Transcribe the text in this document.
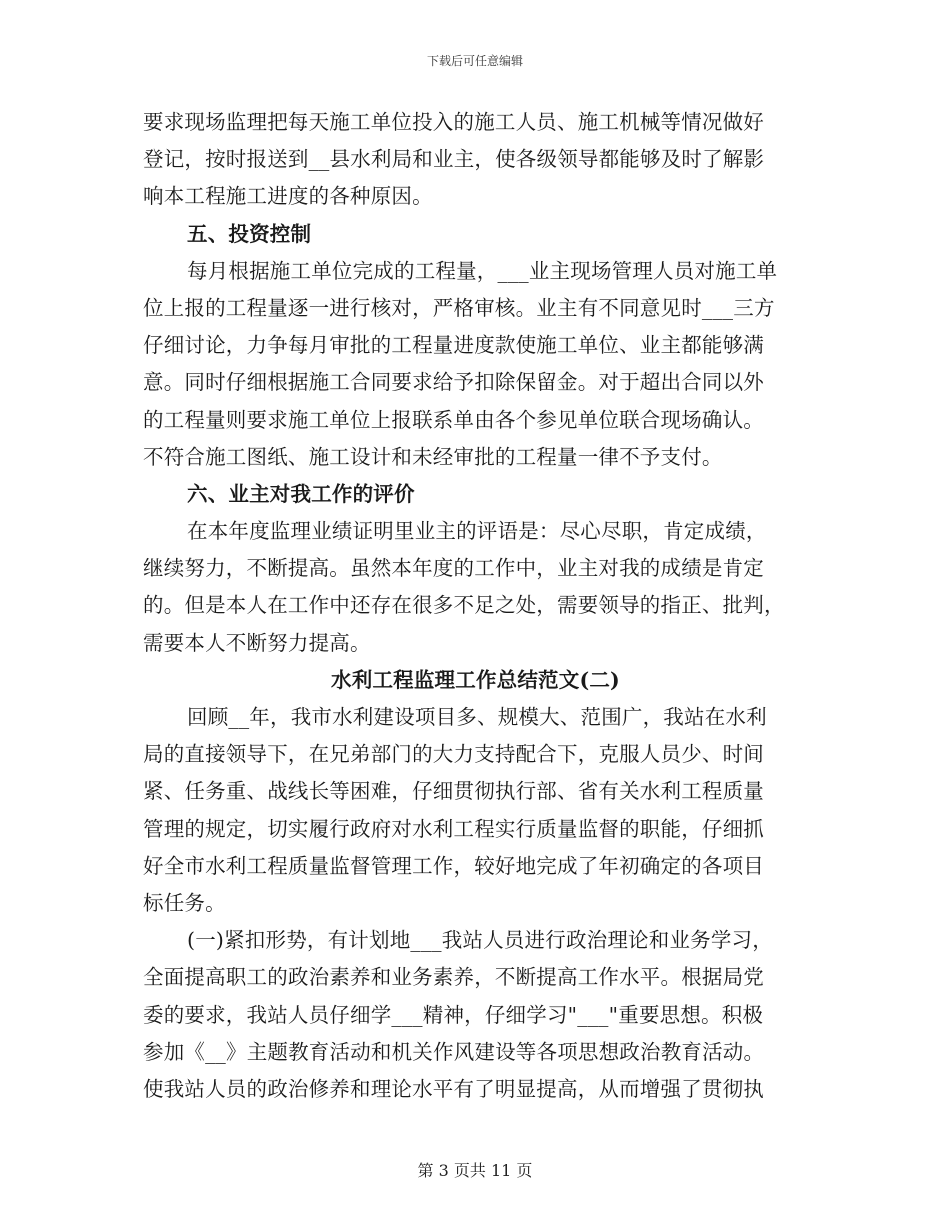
下载后可任意编辑
要求现场监理把每天施工单位投入的施工人员、施工机械等情况做好
登记，按时报送到__县水利局和业主，使各级领导都能够及时了解影
响本工程施工进度的各种原因。
五、投资控制
每月根据施工单位完成的工程量，___业主现场管理人员对施工单
位上报的工程量逐一进行核对，严格审核。业主有不同意见时___三方
仔细讨论，力争每月审批的工程量进度款使施工单位、业主都能够满
意。同时仔细根据施工合同要求给予扣除保留金。对于超出合同以外
的工程量则要求施工单位上报联系单由各个参见单位联合现场确认。
不符合施工图纸、施工设计和未经审批的工程量一律不予支付。
六、业主对我工作的评价
在本年度监理业绩证明里业主的评语是：尽心尽职，肯定成绩，
继续努力，不断提高。虽然本年度的工作中，业主对我的成绩是肯定
的。但是本人在工作中还存在很多不足之处，需要领导的指正、批判，
需要本人不断努力提高。
水利工程监理工作总结范文(二)
回顾__年，我市水利建设项目多、规模大、范围广，我站在水利
局的直接领导下，在兄弟部门的大力支持配合下，克服人员少、时间
紧、任务重、战线长等困难，仔细贯彻执行部、省有关水利工程质量
管理的规定，切实履行政府对水利工程实行质量监督的职能，仔细抓
好全市水利工程质量监督管理工作，较好地完成了年初确定的各项目
标任务。
(一)紧扣形势，有计划地___我站人员进行政治理论和业务学习，
全面提高职工的政治素养和业务素养，不断提高工作水平。根据局党
委的要求，我站人员仔细学___精神，仔细学习"___"重要思想。积极
参加《__》主题教育活动和机关作风建设等各项思想政治教育活动。
使我站人员的政治修养和理论水平有了明显提高，从而增强了贯彻执
第 3 页共 11 页
